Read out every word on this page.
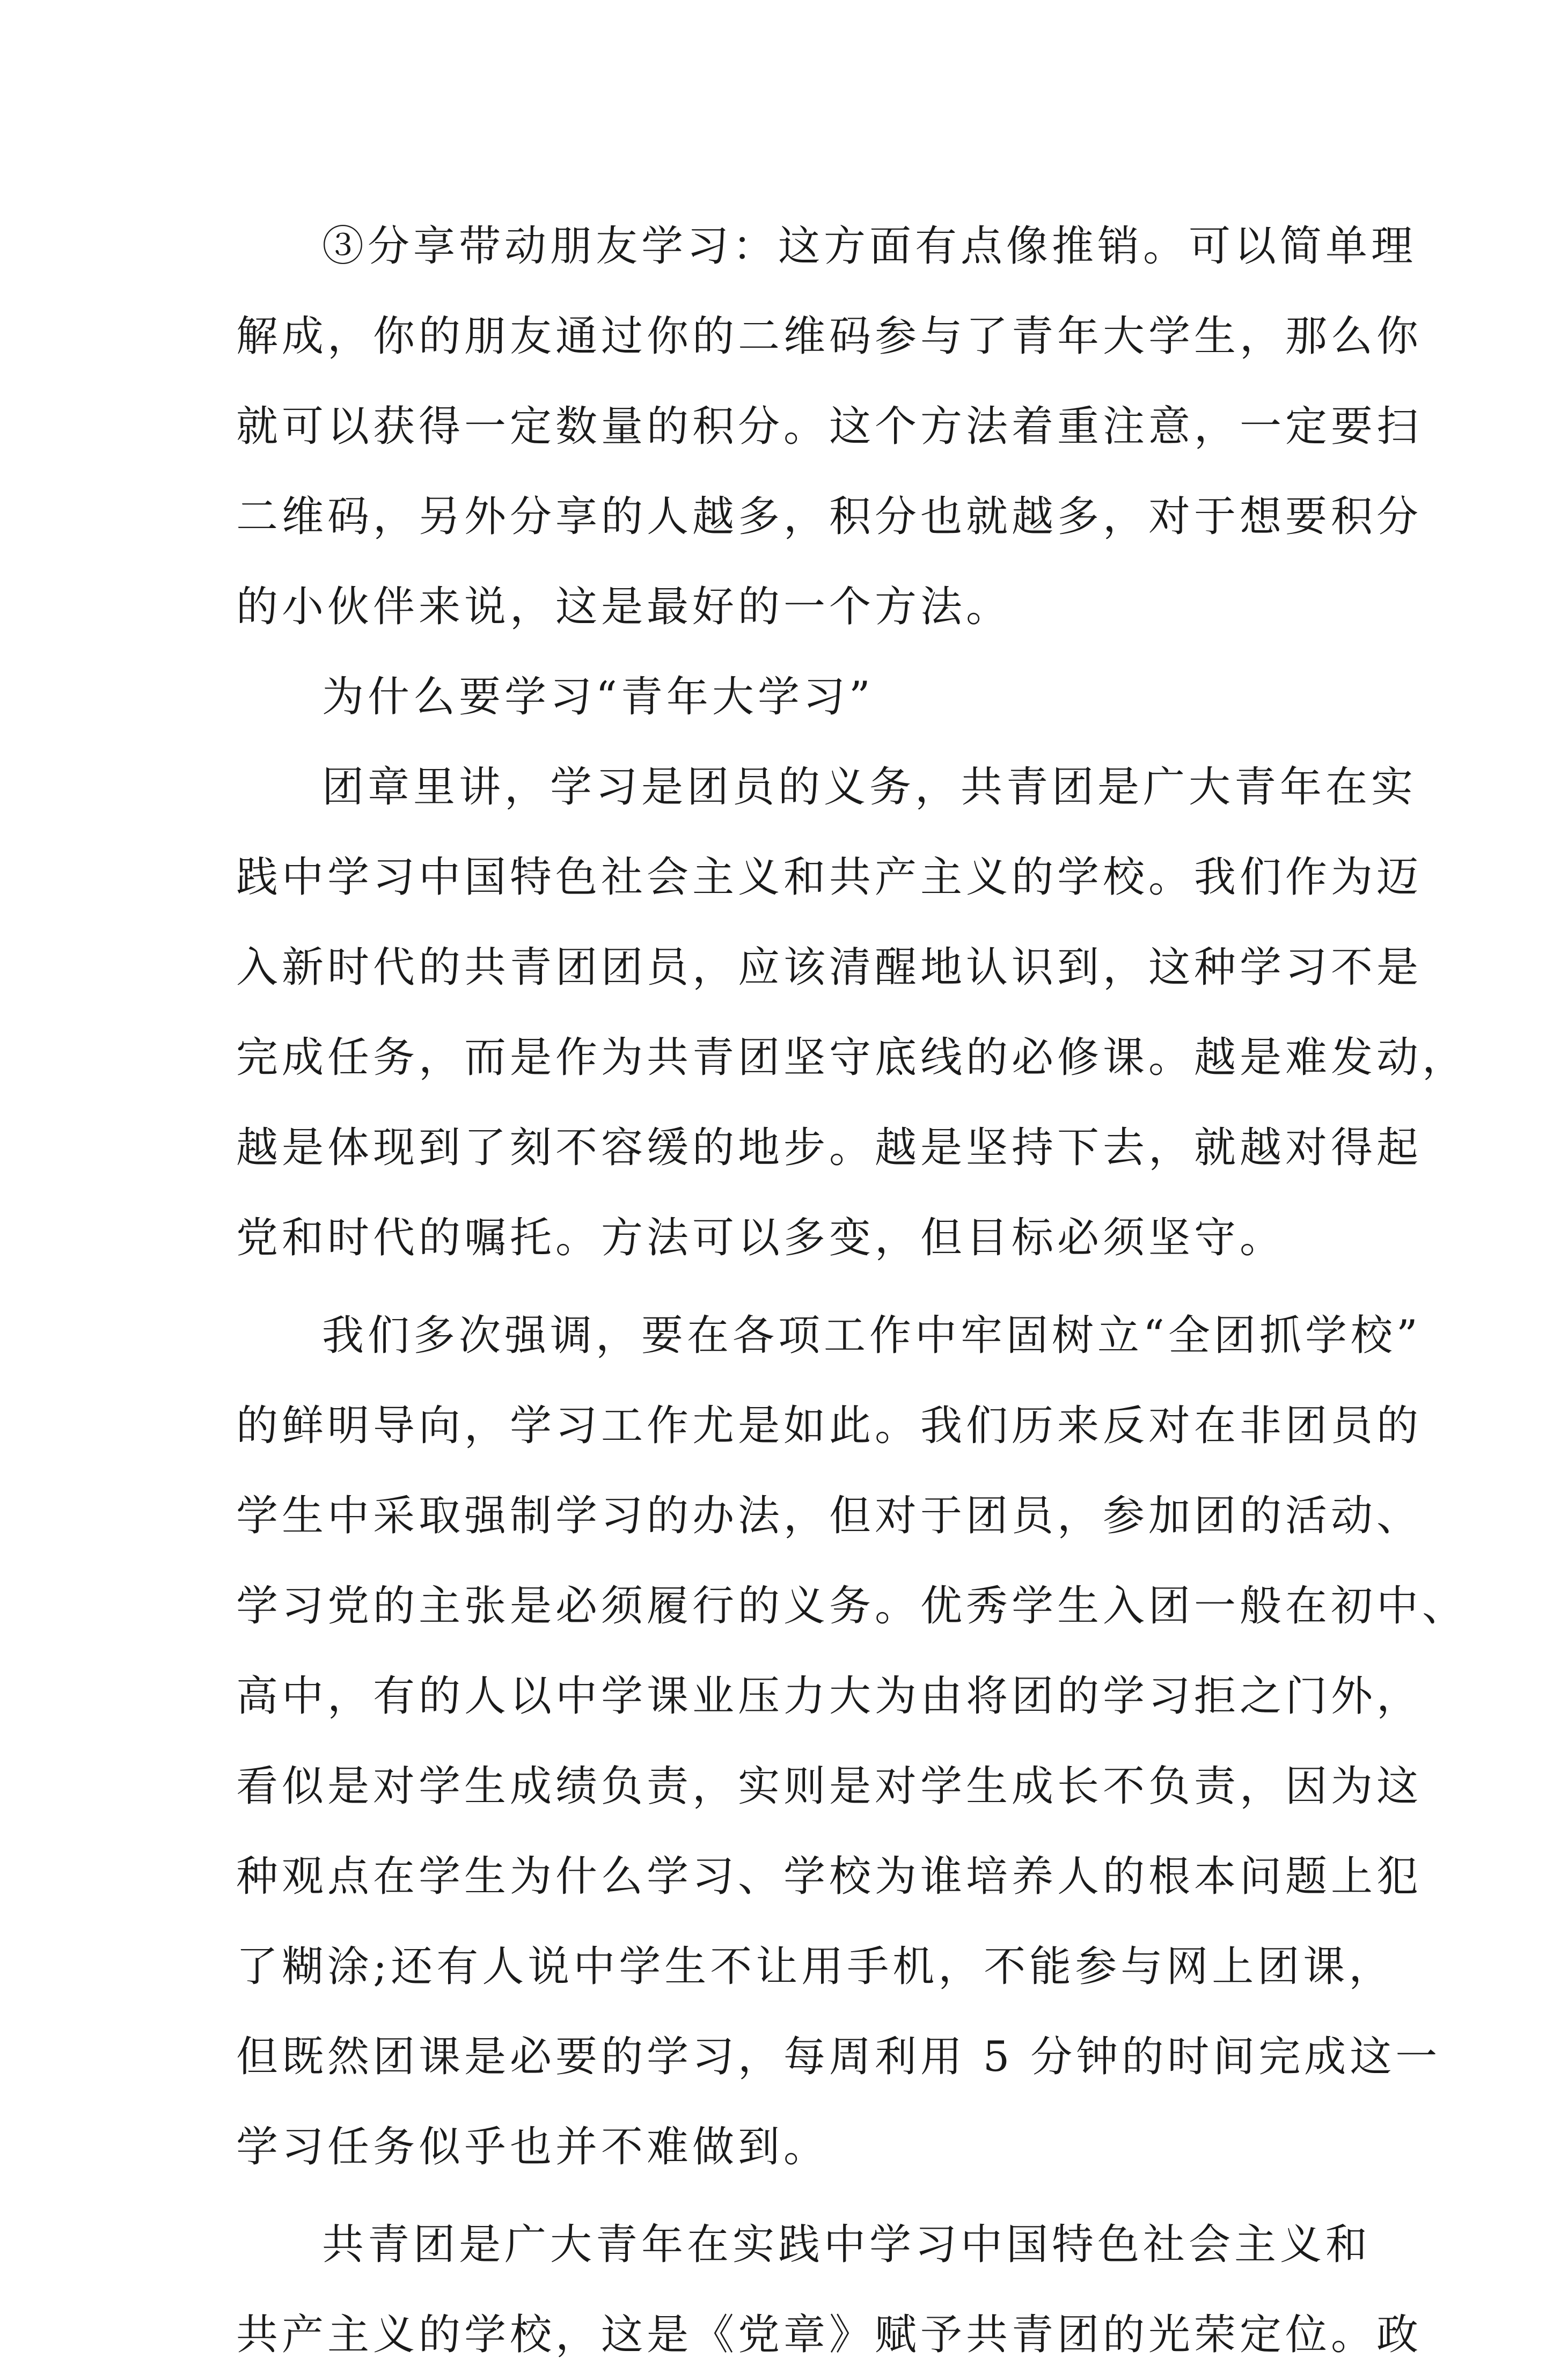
③分享带动朋友学习：这方面有点像推销。可以简单理
解成，你的朋友通过你的二维码参与了青年大学生，那么你
就可以获得一定数量的积分。这个方法着重注意，一定要扫
二维码，另外分享的人越多，积分也就越多，对于想要积分
的小伙伴来说，这是最好的一个方法。
为什么要学习“青年大学习”
团章里讲，学习是团员的义务，共青团是广大青年在实
践中学习中国特色社会主义和共产主义的学校。我们作为迈
入新时代的共青团团员，应该清醒地认识到，这种学习不是
完成任务，而是作为共青团坚守底线的必修课。越是难发动，
越是体现到了刻不容缓的地步。越是坚持下去，就越对得起
党和时代的嘱托。方法可以多变，但目标必须坚守。
我们多次强调，要在各项工作中牢固树立“全团抓学校”
的鲜明导向，学习工作尤是如此。我们历来反对在非团员的
学生中采取强制学习的办法，但对于团员，参加团的活动、
学习党的主张是必须履行的义务。优秀学生入团一般在初中、
高中，有的人以中学课业压力大为由将团的学习拒之门外，
看似是对学生成绩负责，实则是对学生成长不负责，因为这
种观点在学生为什么学习、学校为谁培养人的根本问题上犯
了糊涂;还有人说中学生不让用手机，不能参与网上团课，
但既然团课是必要的学习，每周利用 5 分钟的时间完成这一
学习任务似乎也并不难做到。
共青团是广大青年在实践中学习中国特色社会主义和
共产主义的学校，这是《党章》赋予共青团的光荣定位。政
